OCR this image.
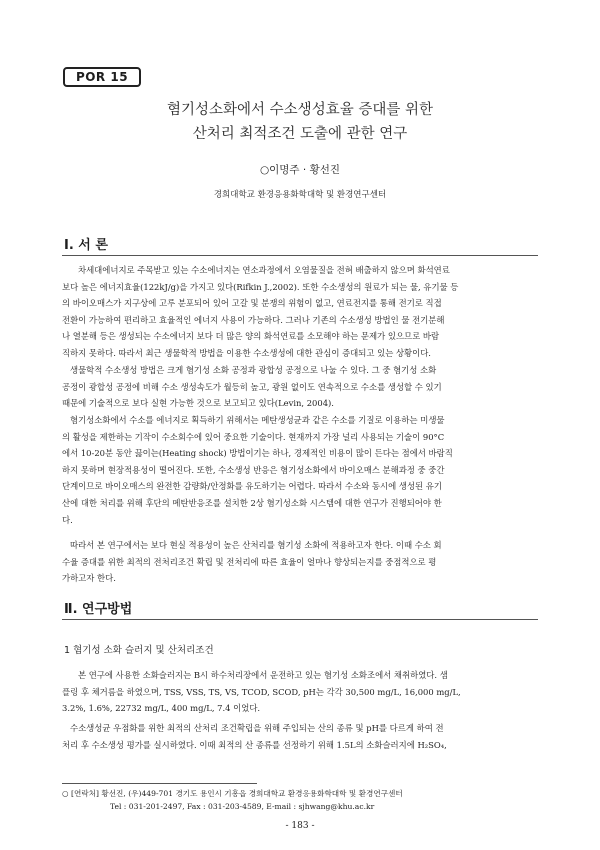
POR 15
혐기성소화에서 수소생성효율 증대를 위한
산처리 최적조건 도출에 관한 연구
○이명주 · 황선진
경희대학교 환경응용화학대학 및 환경연구센터
Ⅰ. 서 론
차세대에너지로 주목받고 있는 수소에너지는 연소과정에서 오염물질을 전혀 배출하지 않으며 화석연료
보다 높은 에너지효율(122kJ/g)을 가지고 있다(Rifkin J.,2002). 또한 수소생성의 원료가 되는 물, 유기물 등
의 바이오매스가 지구상에 고루 분포되어 있어 고갈 및 분쟁의 위험이 없고, 연료전지를 통해 전기로 직접
전환이 가능하여 편리하고 효율적인 에너지 사용이 가능하다. 그러나 기존의 수소생성 방법인 물 전기분해
나 열분해 등은 생성되는 수소에너지 보다 더 많은 양의 화석연료를 소모해야 하는 문제가 있으므로 바람
직하지 못하다. 따라서 최근 생물학적 방법을 이용한 수소생성에 대한 관심이 증대되고 있는 상황이다.
생물학적 수소생성 방법은 크게 혐기성 소화 공정과 광합성 공정으로 나눌 수 있다. 그 중 혐기성 소화
공정이 광합성 공정에 비해 수소 생성속도가 월등히 높고, 광원 없이도 연속적으로 수소를 생성할 수 있기
때문에 기술적으로 보다 실현 가능한 것으로 보고되고 있다(Levin, 2004).
혐기성소화에서 수소를 에너지로 획득하기 위해서는 메탄생성균과 같은 수소를 기질로 이용하는 미생물
의 활성을 제한하는 기작이 수소회수에 있어 중요한 기술이다. 현재까지 가장 널리 사용되는 기술이 90°C
에서 10-20분 동안 끓이는(Heating shock) 방법이기는 하나, 경제적인 비용이 많이 든다는 점에서 바람직
하지 못하며 현장적용성이 떨어진다. 또한, 수소생성 반응은 혐기성소화에서 바이오매스 분해과정 중 중간
단계이므로 바이오매스의 완전한 감량화/안정화를 유도하기는 어렵다. 따라서 수소와 동시에 생성된 유기
산에 대한 처리를 위해 후단의 메탄반응조를 설치한 2상 혐기성소화 시스템에 대한 연구가 진행되어야 한
다.
따라서 본 연구에서는 보다 현실 적용성이 높은 산처리를 혐기성 소화에 적용하고자 한다. 이때 수소 회
수율 증대를 위한 최적의 전처리조건 확립 및 전처리에 따른 효율이 얼마나 향상되는지를 중점적으로 평
가하고자 한다.
Ⅱ. 연구방법
1 혐기성 소화 슬러지 및 산처리조건
본 연구에 사용한 소화슬러지는 B시 하수처리장에서 운전하고 있는 혐기성 소화조에서 채취하였다. 샘
플링 후 체거름을 하였으며, TSS, VSS, TS, VS, TCOD, SCOD, pH는 각각 30,500 mg/L, 16,000 mg/L,
3.2%, 1.6%, 22732 mg/L, 400 mg/L, 7.4 이었다.
수소생성균 우점화를 위한 최적의 산처리 조건확립을 위해 주입되는 산의 종류 및 pH를 다르게 하여 전
처리 후 수소생성 평가를 실시하였다. 이때 최적의 산 종류를 선정하기 위해 1.5L의 소화슬러지에 H₂SO₄,
○ [연락처] 황선진, (우)449-701 경기도 용인시 기흥읍 경희대학교 환경응용화학대학 및 환경연구센터
Tel : 031-201-2497, Fax : 031-203-4589, E-mail : sjhwang@khu.ac.kr
- 183 -
